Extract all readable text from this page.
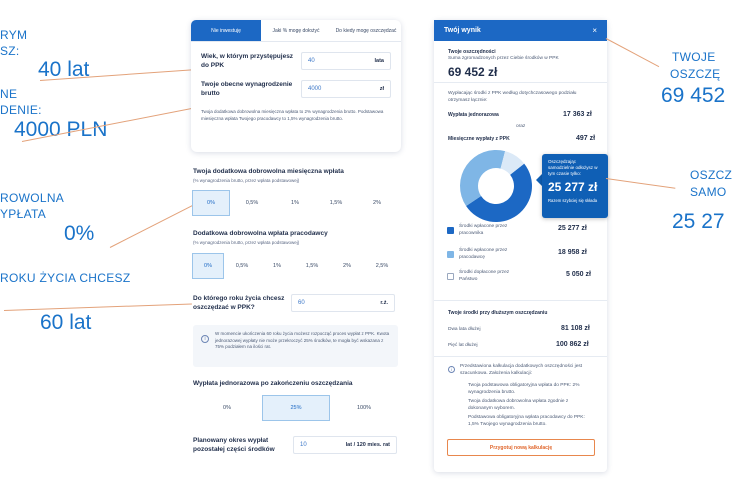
RYM
SZ:
40 lat
NE
DENIE:
4000 PLN
ROWOLNA
YPŁATA
0%
ROKU ŻYCIA CHCESZ
60 lat
Nie inwestuję	Jaki % mogę dołożyć	Do kiedy mogę oszczędzać
Wiek, w którym przystępujesz do PPK
40	lata
Twoje obecne wynagrodzenie brutto
4000	zł
Twoja dodatkowa dobrowolna miesięczna wpłata to 2% wynagrodzenia brutto. Podstawowa miesięczna wpłata Twojego pracodawcy to 1,5% wynagrodzenia brutto.
Twoja dodatkowa dobrowolna miesięczna wpłata
(% wynagrodzenia brutto, przez wpłata podstawowej)
0%	0,5%	1%	1,5%	2%
Dodatkowa dobrowolna wpłata pracodawcy
(% wynagrodzenia brutto, przez wpłata podstawowej)
0%	0,5%	1%	1,5%	2%	2,5%
Do którego roku życia chcesz oszczędzać w PPK?
60	r.ż.
i
W momencie ukończenia 60 roku życia możesz rozpocząć proces wypłat z PPK. Kwota jednorazowej wypłaty nie może przekroczyć 25% środków, te mogła być wskazana z 75% podziałem na ilości rat.
Wypłata jednorazowa po zakończeniu oszczędzania
0%	25%	100%
Planowany okres wypłat pozostałej części środków
10	lat / 120 mies. rat
Twój wynik	×
Twoje oszczędności
Suma zgromadzonych przez Ciebie środków w PPK
69 452 zł
Wypłacając środki z PPK według dotychczasowego podziału otrzymasz łącznie:
Wypłata jednorazowa	17 363 zł
oraz
Miesięczne wypłaty z PPK	497 zł
Oszczędzając samodzielnie odłożysz w tym czasie tylko:
25 277 zł
Razem szybciej się składa
Środki wpłacone przez pracownika
25 277 zł
Środki wpłacone przez pracodawcę
18 958 zł
Środki dopłacone przez Państwo
5 050 zł
Twoje środki przy dłuższym oszczędzaniu
Dwa lata dłużej	81 108 zł
Pięć lat dłużej	100 862 zł
i
Przedstawiona kalkulacja dodatkowych oszczędności jest szacunkowa. Założenia kalkulacji:
Twoja podstawowa obligatoryjna wpłata do PPK: 2% wynagrodzenia brutto.
Twoja dodatkowa dobrowolna wpłata zgodnie z dokonanym wyborem.
Podstawowa obligatoryjna wpłata pracodawcy do PPK: 1,5% Twojego wynagrodzenia brutto.
Przygotuj nową kalkulację
TWOJE
OSZCZĘ
69 452
OSZCZ
SAMO
25 27
